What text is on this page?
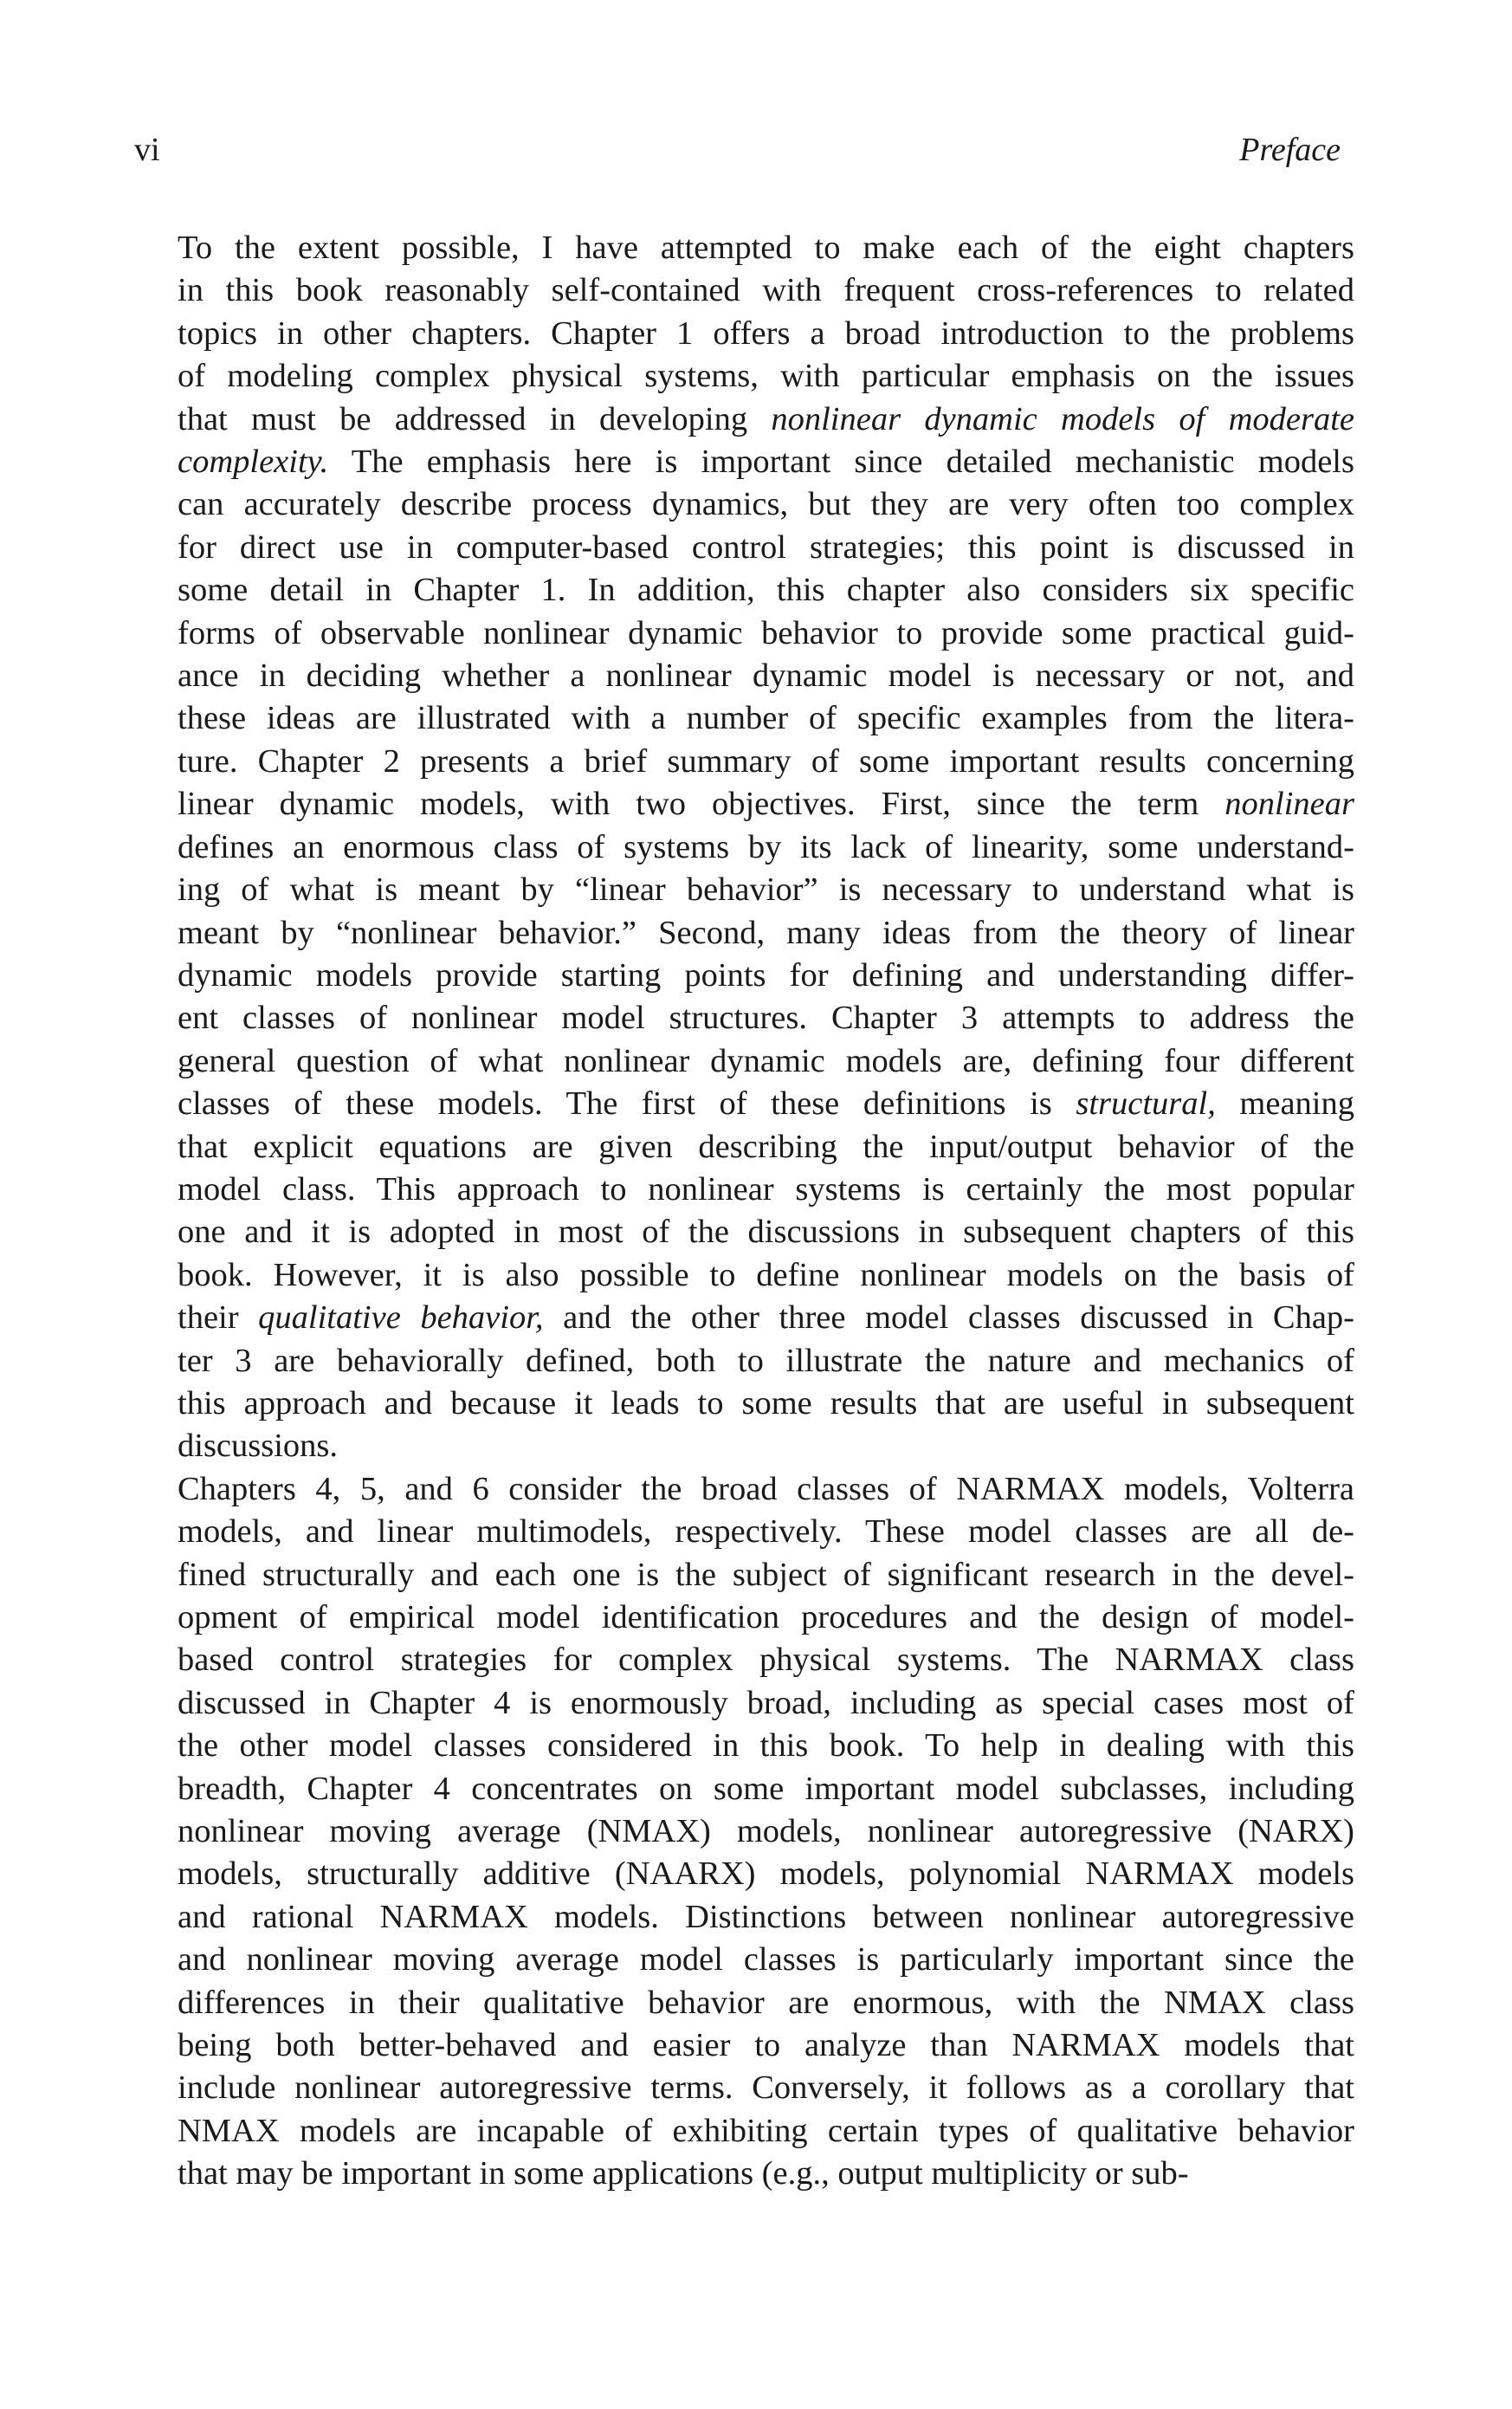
vi	Preface

To the extent possible, I have attempted to make each of the eight chapters
in this book reasonably self-contained with frequent cross-references to related
topics in other chapters. Chapter 1 offers a broad introduction to the problems
of modeling complex physical systems, with particular emphasis on the issues
that must be addressed in developing nonlinear dynamic models of moderate
complexity. The emphasis here is important since detailed mechanistic models
can accurately describe process dynamics, but they are very often too complex
for direct use in computer-based control strategies; this point is discussed in
some detail in Chapter 1. In addition, this chapter also considers six specific
forms of observable nonlinear dynamic behavior to provide some practical guid-
ance in deciding whether a nonlinear dynamic model is necessary or not, and
these ideas are illustrated with a number of specific examples from the litera-
ture. Chapter 2 presents a brief summary of some important results concerning
linear dynamic models, with two objectives. First, since the term nonlinear
defines an enormous class of systems by its lack of linearity, some understand-
ing of what is meant by “linear behavior” is necessary to understand what is
meant by “nonlinear behavior.” Second, many ideas from the theory of linear
dynamic models provide starting points for defining and understanding differ-
ent classes of nonlinear model structures. Chapter 3 attempts to address the
general question of what nonlinear dynamic models are, defining four different
classes of these models. The first of these definitions is structural, meaning
that explicit equations are given describing the input/output behavior of the
model class. This approach to nonlinear systems is certainly the most popular
one and it is adopted in most of the discussions in subsequent chapters of this
book. However, it is also possible to define nonlinear models on the basis of
their qualitative behavior, and the other three model classes discussed in Chap-
ter 3 are behaviorally defined, both to illustrate the nature and mechanics of
this approach and because it leads to some results that are useful in subsequent
discussions.

Chapters 4, 5, and 6 consider the broad classes of NARMAX models, Volterra
models, and linear multimodels, respectively. These model classes are all de-
fined structurally and each one is the subject of significant research in the devel-
opment of empirical model identification procedures and the design of model-
based control strategies for complex physical systems. The NARMAX class
discussed in Chapter 4 is enormously broad, including as special cases most of
the other model classes considered in this book. To help in dealing with this
breadth, Chapter 4 concentrates on some important model subclasses, including
nonlinear moving average (NMAX) models, nonlinear autoregressive (NARX)
models, structurally additive (NAARX) models, polynomial NARMAX models
and rational NARMAX models. Distinctions between nonlinear autoregressive
and nonlinear moving average model classes is particularly important since the
differences in their qualitative behavior are enormous, with the NMAX class
being both better-behaved and easier to analyze than NARMAX models that
include nonlinear autoregressive terms. Conversely, it follows as a corollary that
NMAX models are incapable of exhibiting certain types of qualitative behavior
that may be important in some applications (e.g., output multiplicity or sub-
